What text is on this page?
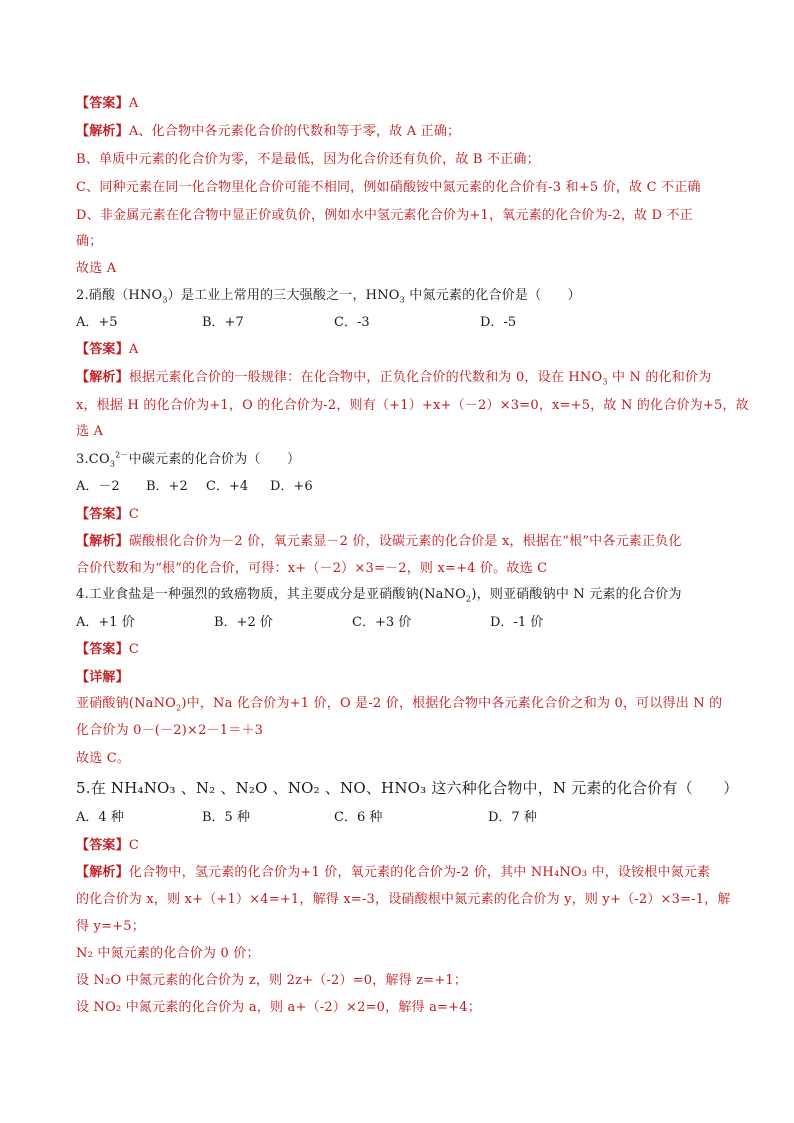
【答案】A
【解析】A、化合物中各元素化合价的代数和等于零，故 A 正确；
B、单质中元素的化合价为零，不是最低，因为化合价还有负价，故 B 不正确；
C、同种元素在同一化合物里化合价可能不相同，例如硝酸铵中氮元素的化合价有-3 和+5 价，故 C 不正确
D、非金属元素在化合物中显正价或负价，例如水中氢元素化合价为+1，氧元素的化合价为-2，故 D 不正
确；
故选 A
2.硝酸$(HNO_3)$是工业上常用的三大强酸之一，$HNO_3$ 中氮元素的化合价是（　　）
A．+5	B．+7	C．-3	D．-5
【答案】A
【解析】根据元素化合价的一般规律：在化合物中，正负化合价的代数和为 0，设在 $HNO_3$ 中 N 的化和价为
x，根据 H 的化合价为+1，O 的化合价为-2，则有（+1）+x+（－2）×3=0，x=+5，故 N 的化合价为+5，故
选 A
$3.CO_3^{2-}$中碳元素的化合价为（　　）
A．－2 B．+2 C．+4 D．+6
【答案】C
【解析】碳酸根化合价为－2 价，氧元素显－2 价，设碳元素的化合价是 x，根据在“根”中各元素正负化
合价代数和为“根”的化合价，可得：x+（－2）×3=－2，则 x=+4 价。故选 C
4.工业食盐是一种强烈的致癌物质，其主要成分是亚硝酸钠(NaNO$_2$)，则亚硝酸钠中 N 元素的化合价为
A．+1 价	B．+2 价	C．+3 价	D．-1 价
【答案】C
【详解】
亚硝酸钠(NaNO$_2$)中，Na 化合价为+1 价，O 是-2 价，根据化合物中各元素化合价之和为 0，可以得出 N 的
化合价为 0－(－2)×2－1＝＋3
故选 C。
5.在 NH₄NO₃ 、N₂ 、N₂O 、NO₂ 、NO、HNO₃ 这六种化合物中，N 元素的化合价有（　　）
A．4 种	B．5 种	C．6 种	D．7 种
【答案】C
【解析】化合物中，氢元素的化合价为+1 价，氧元素的化合价为-2 价，其中 NH₄NO₃ 中，设铵根中氮元素
的化合价为 x，则 x+（+1）×4=+1，解得 x=-3，设硝酸根中氮元素的化合价为 y，则 y+（-2）×3=-1，解
得 y=+5；
N₂ 中氮元素的化合价为 0 价；
设 N₂O 中氮元素的化合价为 z，则 2z+（-2）=0，解得 z=+1；
设 NO₂ 中氮元素的化合价为 a，则 a+（-2）×2=0，解得 a=+4；
